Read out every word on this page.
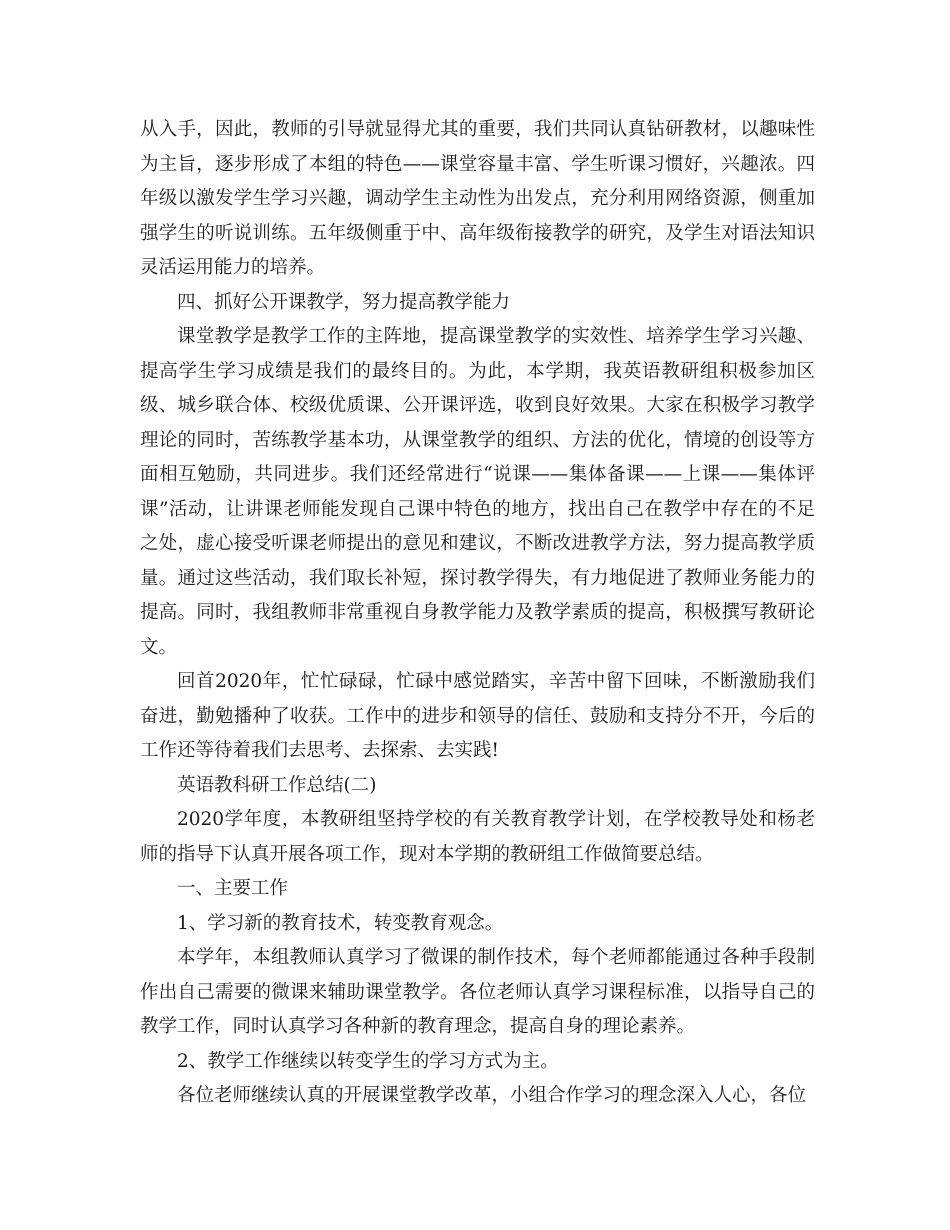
从入手，因此，教师的引导就显得尤其的重要，我们共同认真钻研教材，以趣味性为主旨，逐步形成了本组的特色——课堂容量丰富、学生听课习惯好，兴趣浓。四年级以激发学生学习兴趣，调动学生主动性为出发点，充分利用网络资源，侧重加强学生的听说训练。五年级侧重于中、高年级衔接教学的研究，及学生对语法知识灵活运用能力的培养。

四、抓好公开课教学，努力提高教学能力

课堂教学是教学工作的主阵地，提高课堂教学的实效性、培养学生学习兴趣、提高学生学习成绩是我们的最终目的。为此，本学期，我英语教研组积极参加区级、城乡联合体、校级优质课、公开课评选，收到良好效果。大家在积极学习教学理论的同时，苦练教学基本功，从课堂教学的组织、方法的优化，情境的创设等方面相互勉励，共同进步。我们还经常进行“说课——集体备课——上课——集体评课”活动，让讲课老师能发现自己课中特色的地方，找出自己在教学中存在的不足之处，虚心接受听课老师提出的意见和建议，不断改进教学方法，努力提高教学质量。通过这些活动，我们取长补短，探讨教学得失，有力地促进了教师业务能力的提高。同时，我组教师非常重视自身教学能力及教学素质的提高，积极撰写教研论文。

回首2020年，忙忙碌碌，忙碌中感觉踏实，辛苦中留下回味，不断激励我们奋进，勤勉播种了收获。工作中的进步和领导的信任、鼓励和支持分不开，今后的工作还等待着我们去思考、去探索、去实践!

英语教科研工作总结(二)

2020学年度，本教研组坚持学校的有关教育教学计划，在学校教导处和杨老师的指导下认真开展各项工作，现对本学期的教研组工作做简要总结。

一、主要工作

1、学习新的教育技术，转变教育观念。

本学年，本组教师认真学习了微课的制作技术，每个老师都能通过各种手段制作出自己需要的微课来辅助课堂教学。各位老师认真学习课程标准，以指导自己的教学工作，同时认真学习各种新的教育理念，提高自身的理论素养。

2、教学工作继续以转变学生的学习方式为主。

各位老师继续认真的开展课堂教学改革，小组合作学习的理念深入人心，各位
